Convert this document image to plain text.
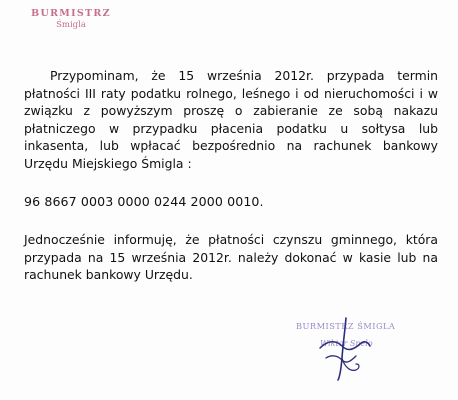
BURMISTRZ
Śmigla
Przypominam, że 15 września 2012r. przypada termin płatności III raty podatku rolnego, leśnego i od nieruchomości i w związku z powyższym proszę o zabieranie ze sobą nakazu płatniczego w przypadku płacenia podatku u sołtysa lub inkasenta, lub wpłacać bezpośrednio na rachunek bankowy Urzędu Miejskiego Śmigla :
96 8667 0003 0000 0244 2000 0010.
Jednocześnie informuję, że płatności czynszu gminnego, która przypada na 15 września 2012r. należy dokonać w kasie lub na rachunek bankowy Urzędu.
BURMISTRZ ŚMIGLA
Wiktor Snelo
